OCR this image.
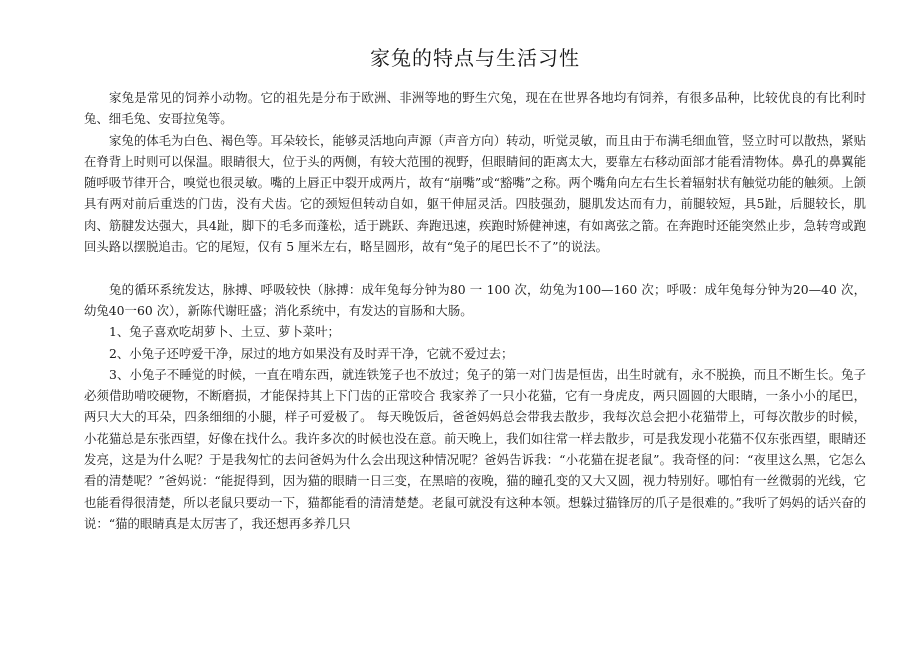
家兔的特点与生活习性

家兔是常见的饲养小动物。它的祖先是分布于欧洲、非洲等地的野生穴兔，现在在世界各地均有饲养，有很多品种，比较优良的有比利时兔、细毛兔、安哥拉兔等。

家兔的体毛为白色、褐色等。耳朵较长，能够灵活地向声源（声音方向）转动，听觉灵敏，而且由于布满毛细血管，竖立时可以散热，紧贴在脊背上时则可以保温。眼睛很大，位于头的两侧，有较大范围的视野，但眼睛间的距离太大，要靠左右移动面部才能看清物体。鼻孔的鼻翼能随呼吸节律开合，嗅觉也很灵敏。嘴的上唇正中裂开成两片，故有“崩嘴”或“豁嘴”之称。两个嘴角向左右生长着辐射状有触觉功能的触须。上颌具有两对前后重迭的门齿，没有犬齿。它的颈短但转动自如，躯干伸屈灵活。四肢强劲，腿肌发达而有力，前腿较短，具5趾，后腿较长，肌肉、筋腱发达强大，具4趾，脚下的毛多而蓬松，适于跳跃、奔跑迅速，疾跑时矫健神速，有如离弦之箭。在奔跑时还能突然止步，急转弯或跑回头路以摆脱追击。它的尾短，仅有 5 厘米左右，略呈圆形，故有“兔子的尾巴长不了”的说法。

兔的循环系统发达，脉搏、呼吸较快（脉搏：成年兔每分钟为80 一 100 次，幼兔为100—160 次；呼吸：成年兔每分钟为20—40 次，幼兔40一60 次），新陈代谢旺盛；消化系统中，有发达的盲肠和大肠。

1、兔子喜欢吃胡萝卜、土豆、萝卜菜叶；

2、小兔子还哼爱干净，尿过的地方如果没有及时弄干净，它就不爱过去；

3、小兔子不睡觉的时候，一直在啃东西，就连铁笼子也不放过；兔子的第一对门齿是恒齿，出生时就有，永不脱换，而且不断生长。兔子必须借助啃咬硬物，不断磨损，才能保持其上下门齿的正常咬合 我家养了一只小花猫，它有一身虎皮，两只圆圆的大眼睛，一条小小的尾巴，两只大大的耳朵，四条细细的小腿，样子可爱极了。 每天晚饭后，爸爸妈妈总会带我去散步，我每次总会把小花猫带上，可每次散步的时候，小花猫总是东张西望，好像在找什么。我许多次的时候也没在意。前天晚上，我们如往常一样去散步，可是我发现小花猫不仅东张西望，眼睛还发亮，这是为什么呢？于是我匆忙的去问爸妈为什么会出现这种情况呢？爸妈告诉我：“小花猫在捉老鼠”。我奇怪的问：“夜里这么黑，它怎么看的清楚呢？”爸妈说：“能捉得到，因为猫的眼睛一日三变，在黑暗的夜晚，猫的瞳孔变的又大又圆，视力特别好。哪怕有一丝微弱的光线，它也能看得很清楚，所以老鼠只要动一下，猫都能看的清清楚楚。老鼠可就没有这种本领。想躲过猫锋厉的爪子是很难的。”我听了妈妈的话兴奋的说：“猫的眼睛真是太厉害了，我还想再多养几只
